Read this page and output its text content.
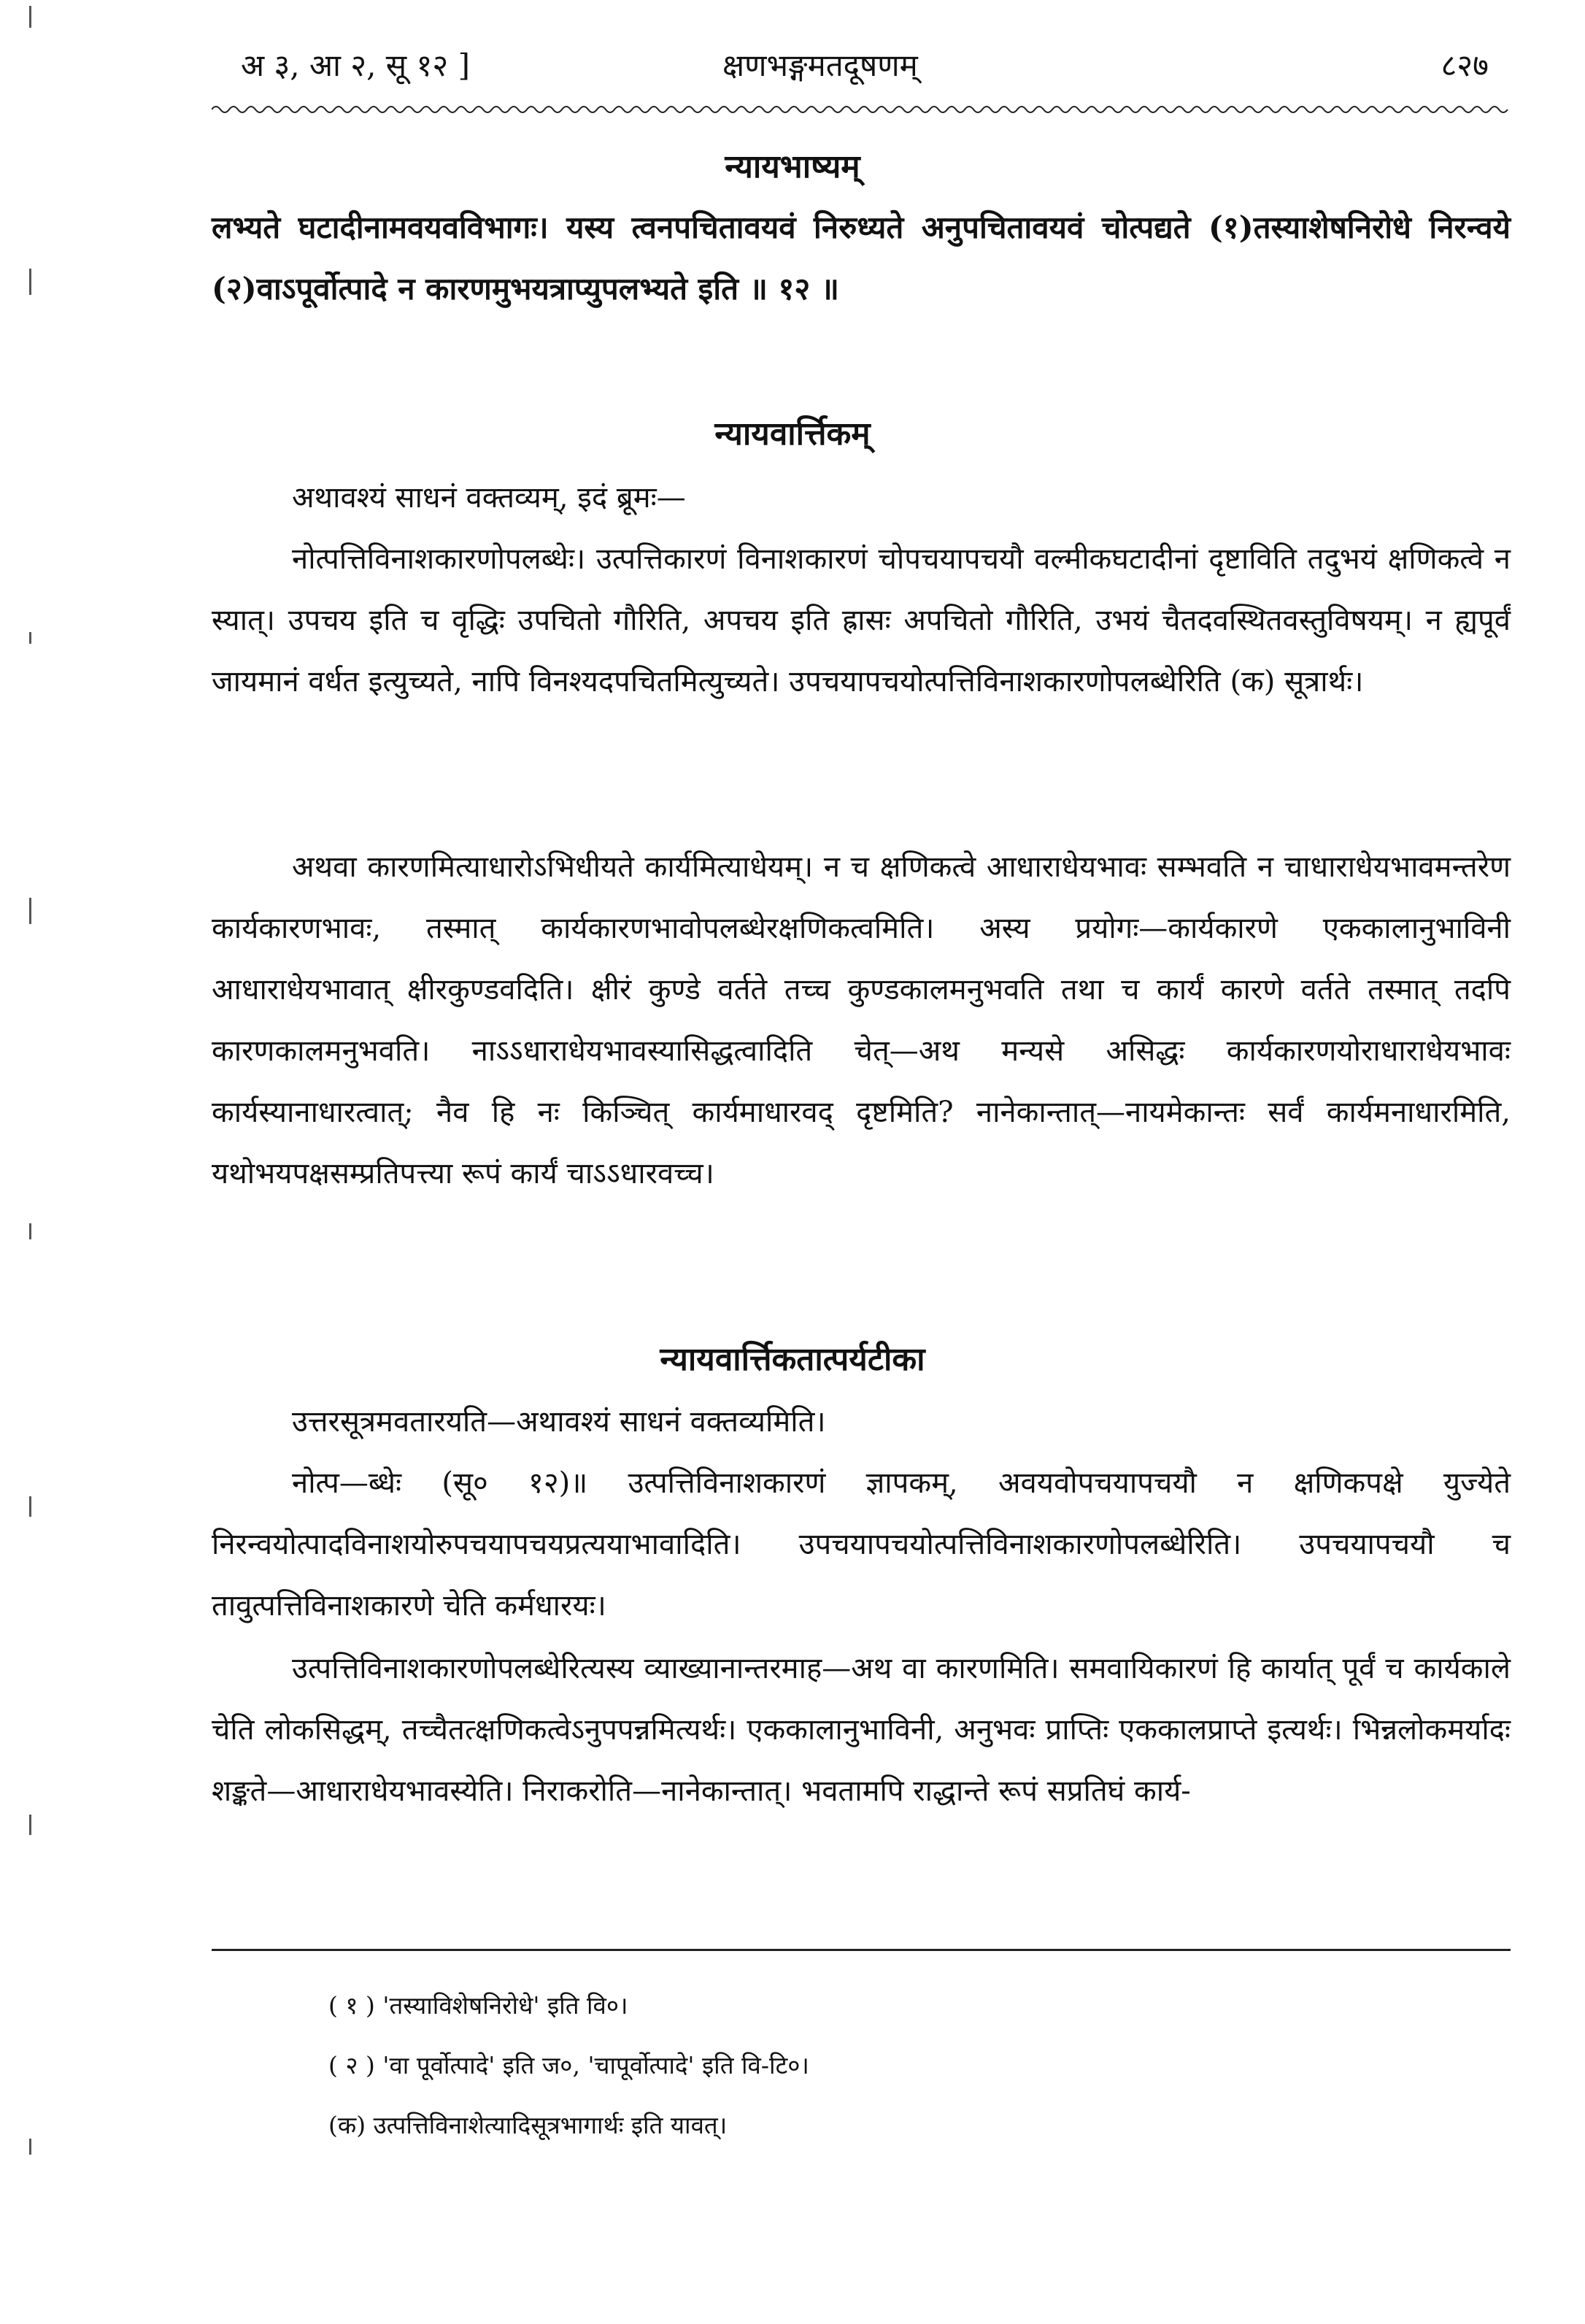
अ ३, आ २, सू १२ ]	क्षणभङ्गमतदूषणम्	८२७
न्यायभाष्यम्
लभ्यते घटादीनामवयवविभागः। यस्य त्वनपचितावयवं निरुध्यते अनुपचितावयवं चोत्पद्यते (१)तस्याशेषनिरोधे निरन्वये (२)वाऽपूर्वोत्पादे न कारणमुभयत्राप्युपलभ्यते इति ॥ १२ ॥
न्यायवार्त्तिकम्
अथावश्यं साधनं वक्तव्यम्, इदं ब्रूमः—
नोत्पत्तिविनाशकारणोपलब्धेः। उत्पत्तिकारणं विनाशकारणं चोपचयापचयौ वल्मीकघटादीनां दृष्टाविति तदुभयं क्षणिकत्वे न स्यात्। उपचय इति च वृद्धिः उपचितो गौरिति, अपचय इति ह्रासः अपचितो गौरिति, उभयं चैतदवस्थितवस्तुविषयम्। न ह्यपूर्वं जायमानं वर्धत इत्युच्यते, नापि विनश्यदपचितमित्युच्यते। उपचयापचयोत्पत्तिविनाशकारणोपलब्धेरिति (क) सूत्रार्थः।
अथवा कारणमित्याधारोऽभिधीयते कार्यमित्याधेयम्। न च क्षणिकत्वे आधाराधेयभावः सम्भवति न चाधाराधेयभावमन्तरेण कार्यकारणभावः, तस्मात् कार्यकारणभावोपलब्धेरक्षणिकत्वमिति। अस्य प्रयोगः—कार्यकारणे एककालानुभाविनी आधाराधेयभावात् क्षीरकुण्डवदिति। क्षीरं कुण्डे वर्तते तच्च कुण्डकालमनुभवति तथा च कार्यं कारणे वर्तते तस्मात् तदपि कारणकालमनुभवति। नाऽऽधाराधेयभावस्यासिद्धत्वादिति चेत्—अथ मन्यसे असिद्धः कार्यकारणयोराधाराधेयभावः कार्यस्यानाधारत्वात्; नैव हि नः किञ्चित् कार्यमाधारवद् दृष्टमिति? नानेकान्तात्—नायमेकान्तः सर्वं कार्यमनाधारमिति, यथोभयपक्षसम्प्रतिपत्त्या रूपं कार्यं चाऽऽधारवच्च।
न्यायवार्त्तिकतात्पर्यटीका
उत्तरसूत्रमवतारयति—अथावश्यं साधनं वक्तव्यमिति।
नोत्प—ब्धेः (सू० १२)॥ उत्पत्तिविनाशकारणं ज्ञापकम्, अवयवोपचयापचयौ न क्षणिकपक्षे युज्येते निरन्वयोत्पादविनाशयोरुपचयापचयप्रत्ययाभावादिति। उपचयापचयोत्पत्तिविनाशकारणोपलब्धेरिति। उपचयापचयौ च तावुत्पत्तिविनाशकारणे चेति कर्मधारयः।
उत्पत्तिविनाशकारणोपलब्धेरित्यस्य व्याख्यानान्तरमाह—अथ वा कारणमिति। समवायिकारणं हि कार्यात् पूर्वं च कार्यकाले चेति लोकसिद्धम्, तच्चैतत्क्षणिकत्वेऽनुपपन्नमित्यर्थः। एककालानुभाविनी, अनुभवः प्राप्तिः एककालप्राप्ते इत्यर्थः। भिन्नलोकमर्यादः शङ्कते—आधाराधेयभावस्येति। निराकरोति—नानेकान्तात्। भवतामपि राद्धान्ते रूपं सप्रतिघं कार्य-
( १ ) 'तस्याविशेषनिरोधे' इति वि०।
( २ ) 'वा पूर्वोत्पादे' इति ज०, 'चापूर्वोत्पादे' इति वि-टि०।
(क) उत्पत्तिविनाशेत्यादिसूत्रभागार्थः इति यावत्।
